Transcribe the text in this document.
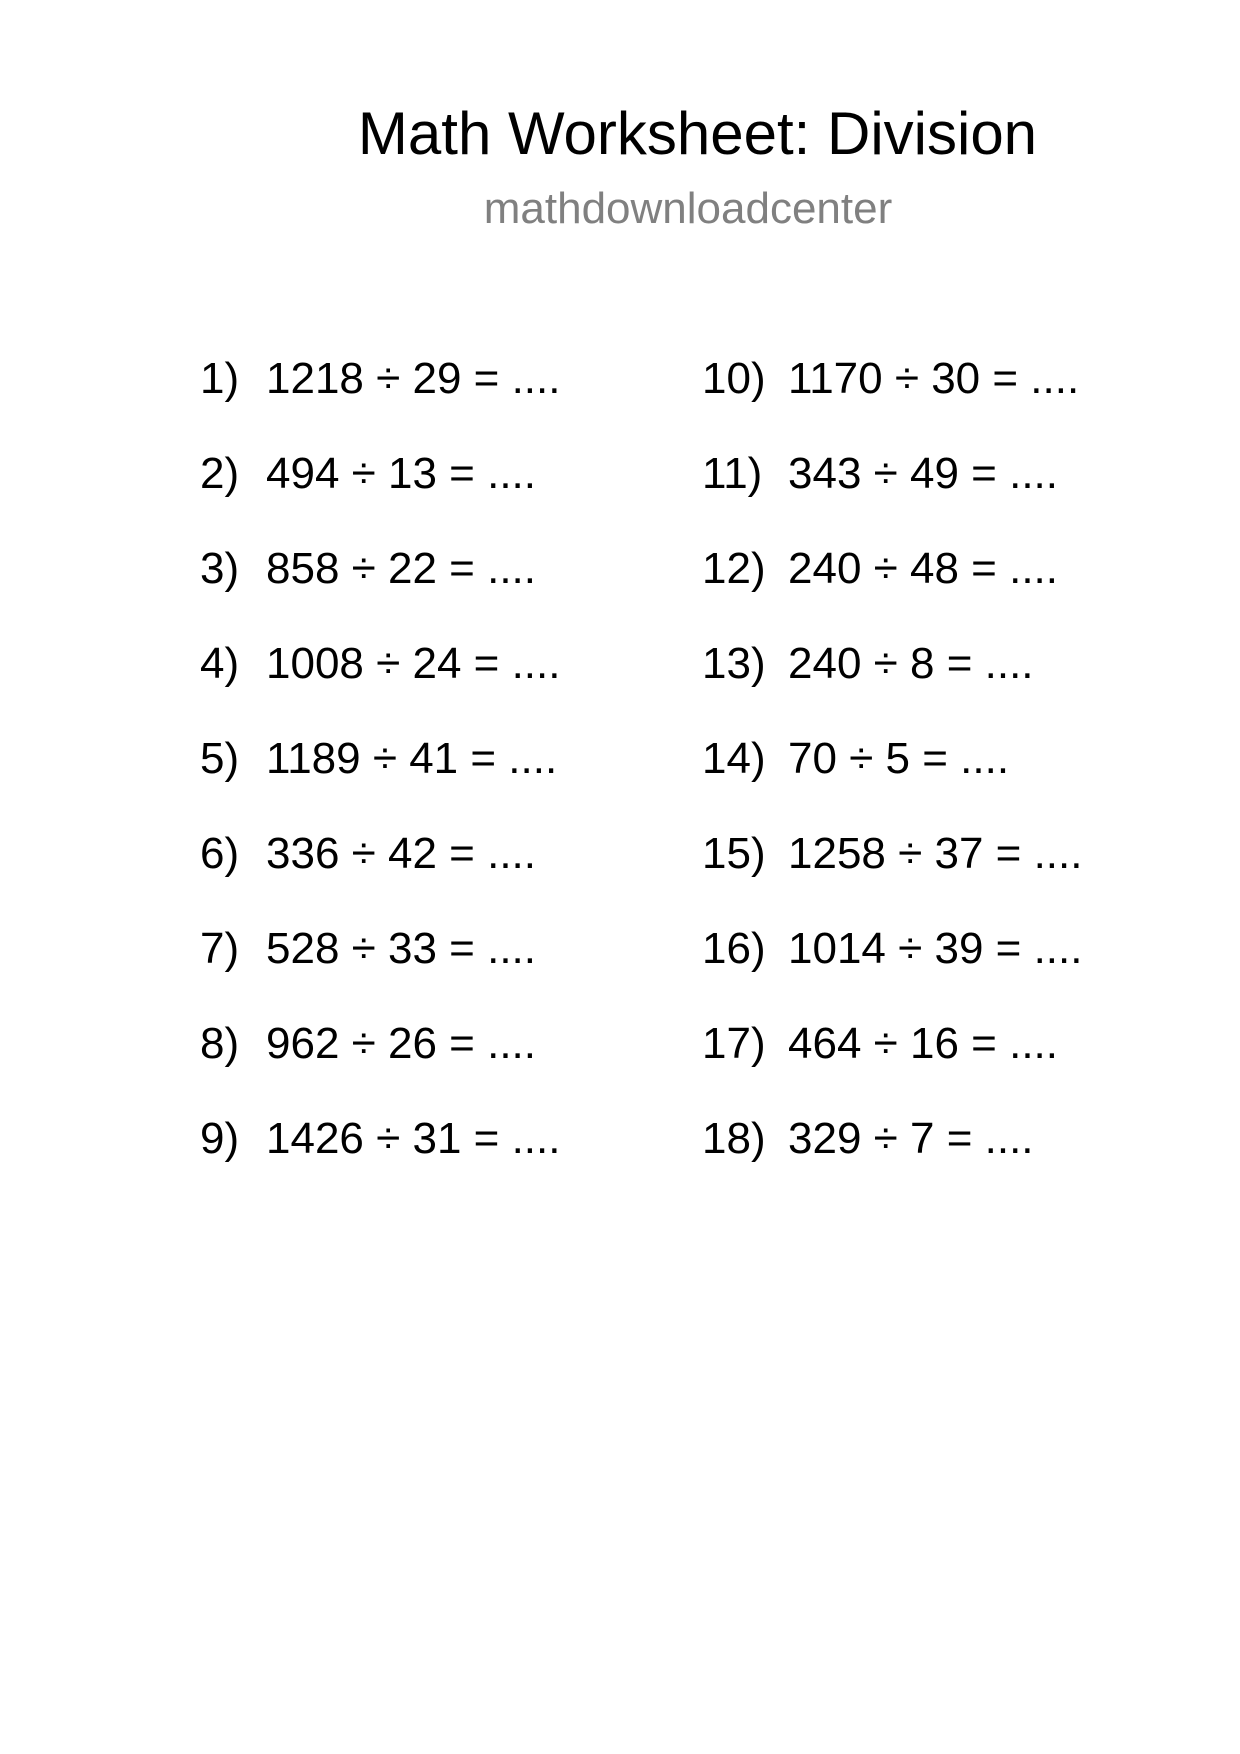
Math Worksheet: Division
mathdownloadcenter
1) 1218 ÷ 29 = ....
2) 494 ÷ 13 = ....
3) 858 ÷ 22 = ....
4) 1008 ÷ 24 = ....
5) 1189 ÷ 41 = ....
6) 336 ÷ 42 = ....
7) 528 ÷ 33 = ....
8) 962 ÷ 26 = ....
9) 1426 ÷ 31 = ....
10) 1170 ÷ 30 = ....
11) 343 ÷ 49 = ....
12) 240 ÷ 48 = ....
13) 240 ÷ 8 = ....
14) 70 ÷ 5 = ....
15) 1258 ÷ 37 = ....
16) 1014 ÷ 39 = ....
17) 464 ÷ 16 = ....
18) 329 ÷ 7 = ....
